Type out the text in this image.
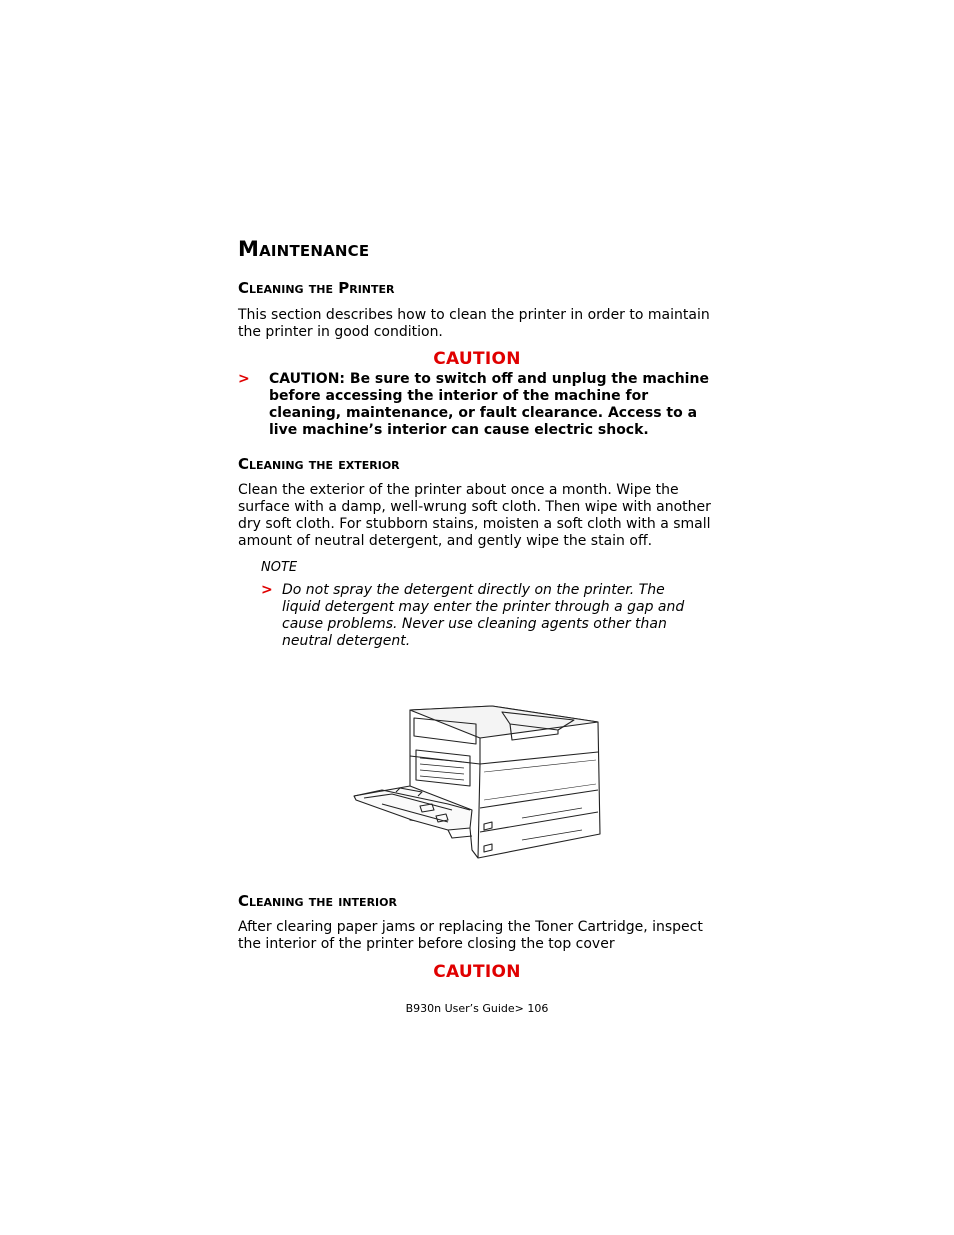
Maintenance
Cleaning the Printer

This section describes how to clean the printer in order to maintain the printer in good condition.

CAUTION

>	CAUTION: Be sure to switch off and unplug the machine before accessing the interior of the machine for cleaning, maintenance, or fault clearance. Access to a live machine’s interior can cause electric shock.
Cleaning the exterior

Clean the exterior of the printer about once a month. Wipe the surface with a damp, well-wrung soft cloth. Then wipe with another dry soft cloth. For stubborn stains, moisten a soft cloth with a small amount of neutral detergent, and gently wipe the stain off.

NOTE
> Do not spray the detergent directly on the printer. The liquid detergent may enter the printer through a gap and cause problems. Never use cleaning agents other than neutral detergent.
Cleaning the interior

After clearing paper jams or replacing the Toner Cartridge, inspect the interior of the printer before closing the top cover

CAUTION

B930n User’s Guide> 106
